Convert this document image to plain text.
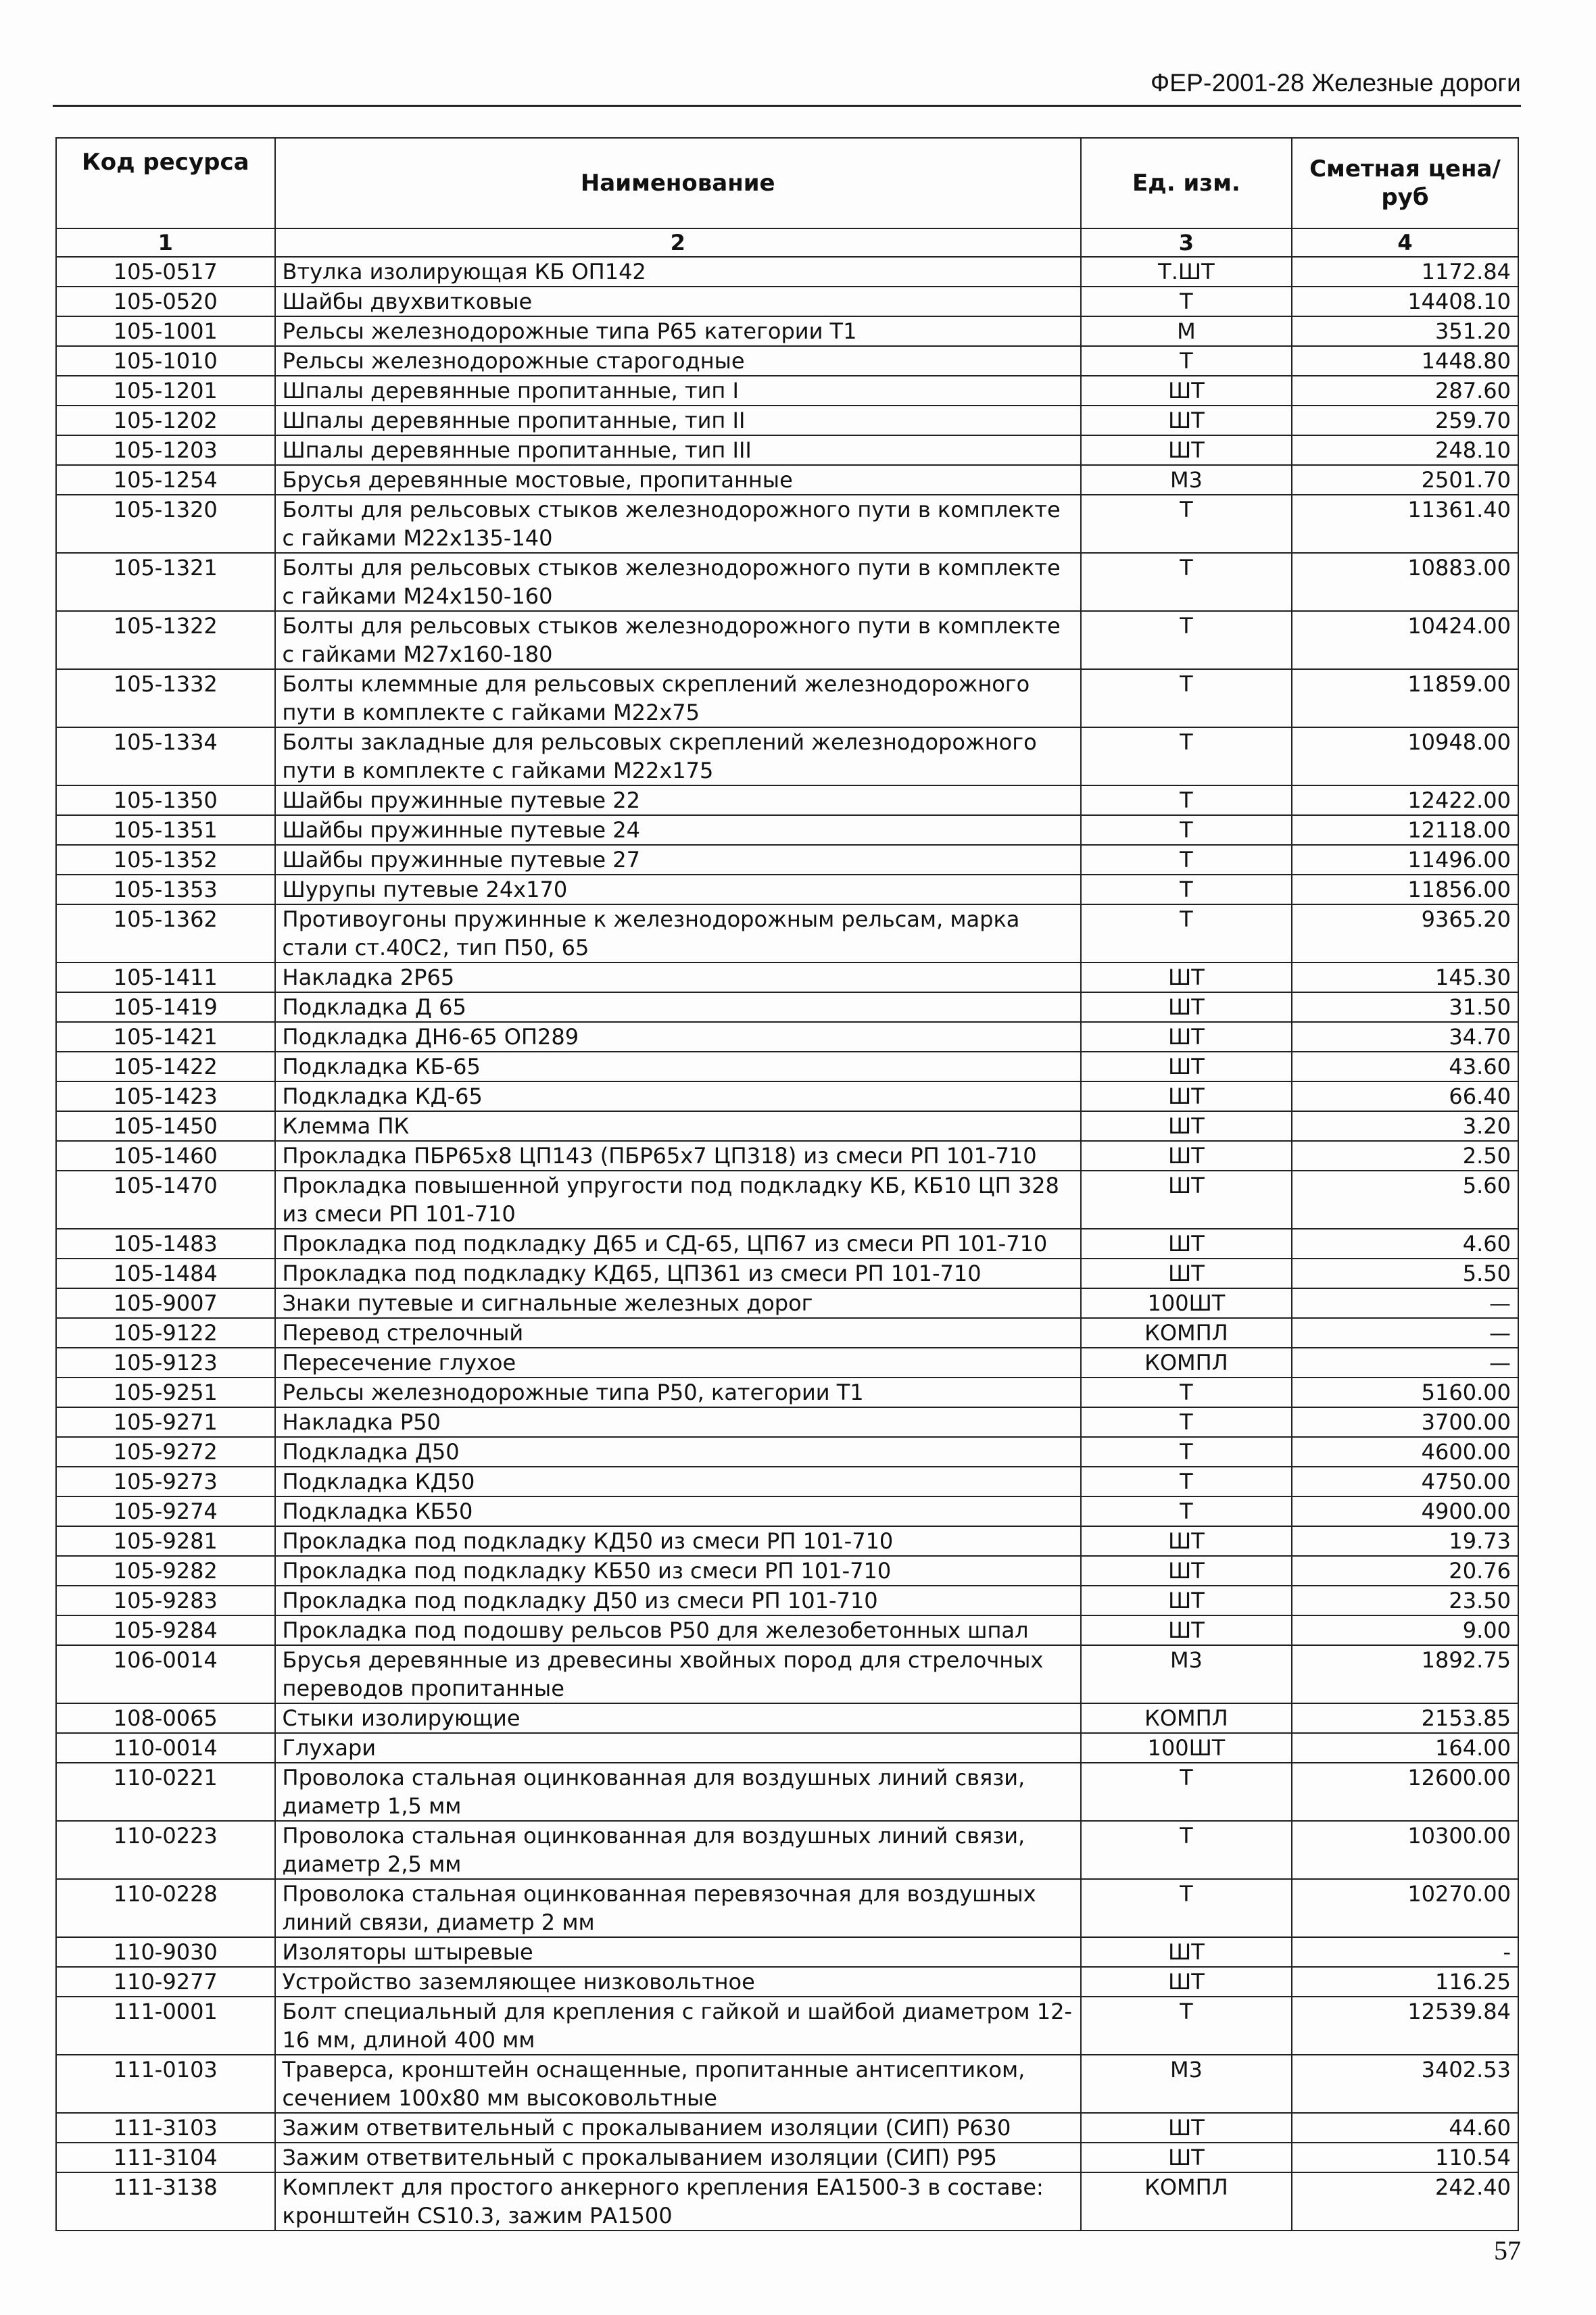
ФЕР-2001-28 Железные дороги
Код ресурса	Наименование	Ед. изм.	Сметная цена/руб
1	2	3	4
105-0517	Втулка изолирующая КБ ОП142	Т.ШТ	1172.84
105-0520	Шайбы двухвитковые	Т	14408.10
105-1001	Рельсы железнодорожные типа Р65 категории Т1	М	351.20
105-1010	Рельсы железнодорожные старогодные	Т	1448.80
105-1201	Шпалы деревянные пропитанные, тип I	ШТ	287.60
105-1202	Шпалы деревянные пропитанные, тип II	ШТ	259.70
105-1203	Шпалы деревянные пропитанные, тип III	ШТ	248.10
105-1254	Брусья деревянные мостовые, пропитанные	М3	2501.70
105-1320	Болты для рельсовых стыков железнодорожного пути в комплекте с гайками М22х135-140	Т	11361.40
105-1321	Болты для рельсовых стыков железнодорожного пути в комплекте с гайками М24х150-160	Т	10883.00
105-1322	Болты для рельсовых стыков железнодорожного пути в комплекте с гайками М27х160-180	Т	10424.00
105-1332	Болты клеммные для рельсовых скреплений железнодорожного пути в комплекте с гайками М22х75	Т	11859.00
105-1334	Болты закладные для рельсовых скреплений железнодорожного пути в комплекте с гайками М22х175	Т	10948.00
105-1350	Шайбы пружинные путевые 22	Т	12422.00
105-1351	Шайбы пружинные путевые 24	Т	12118.00
105-1352	Шайбы пружинные путевые 27	Т	11496.00
105-1353	Шурупы путевые 24х170	Т	11856.00
105-1362	Противоугоны пружинные к железнодорожным рельсам, марка стали ст.40С2, тип П50, 65	Т	9365.20
105-1411	Накладка 2Р65	ШТ	145.30
105-1419	Подкладка Д 65	ШТ	31.50
105-1421	Подкладка ДН6-65 ОП289	ШТ	34.70
105-1422	Подкладка КБ-65	ШТ	43.60
105-1423	Подкладка КД-65	ШТ	66.40
105-1450	Клемма ПК	ШТ	3.20
105-1460	Прокладка ПБР65х8 ЦП143 (ПБР65х7 ЦП318) из смеси РП 101-710	ШТ	2.50
105-1470	Прокладка повышенной упругости под подкладку КБ, КБ10 ЦП 328 из смеси РП 101-710	ШТ	5.60
105-1483	Прокладка под подкладку Д65 и СД-65, ЦП67 из смеси РП 101-710	ШТ	4.60
105-1484	Прокладка под подкладку КД65, ЦП361 из смеси РП 101-710	ШТ	5.50
105-9007	Знаки путевые и сигнальные железных дорог	100ШТ	—
105-9122	Перевод стрелочный	КОМПЛ	—
105-9123	Пересечение глухое	КОМПЛ	—
105-9251	Рельсы железнодорожные типа Р50, категории Т1	Т	5160.00
105-9271	Накладка Р50	Т	3700.00
105-9272	Подкладка Д50	Т	4600.00
105-9273	Подкладка КД50	Т	4750.00
105-9274	Подкладка КБ50	Т	4900.00
105-9281	Прокладка под подкладку КД50 из смеси РП 101-710	ШТ	19.73
105-9282	Прокладка под подкладку КБ50 из смеси РП 101-710	ШТ	20.76
105-9283	Прокладка под подкладку Д50 из смеси РП 101-710	ШТ	23.50
105-9284	Прокладка под подошву рельсов Р50 для железобетонных шпал	ШТ	9.00
106-0014	Брусья деревянные из древесины хвойных пород для стрелочных переводов пропитанные	М3	1892.75
108-0065	Стыки изолирующие	КОМПЛ	2153.85
110-0014	Глухари	100ШТ	164.00
110-0221	Проволока стальная оцинкованная для воздушных линий связи, диаметр 1,5 мм	Т	12600.00
110-0223	Проволока стальная оцинкованная для воздушных линий связи, диаметр 2,5 мм	Т	10300.00
110-0228	Проволока стальная оцинкованная перевязочная для воздушных линий связи, диаметр 2 мм	Т	10270.00
110-9030	Изоляторы штыревые	ШТ	-
110-9277	Устройство заземляющее низковольтное	ШТ	116.25
111-0001	Болт специальный для крепления с гайкой и шайбой диаметром 12-16 мм, длиной 400 мм	Т	12539.84
111-0103	Траверса, кронштейн оснащенные, пропитанные антисептиком, сечением 100х80 мм высоковольтные	М3	3402.53
111-3103	Зажим ответвительный с прокалыванием изоляции (СИП) Р630	ШТ	44.60
111-3104	Зажим ответвительный с прокалыванием изоляции (СИП) Р95	ШТ	110.54
111-3138	Комплект для простого анкерного крепления ЕА1500-3 в составе: кронштейн CS10.3, зажим РА1500	КОМПЛ	242.40
57
